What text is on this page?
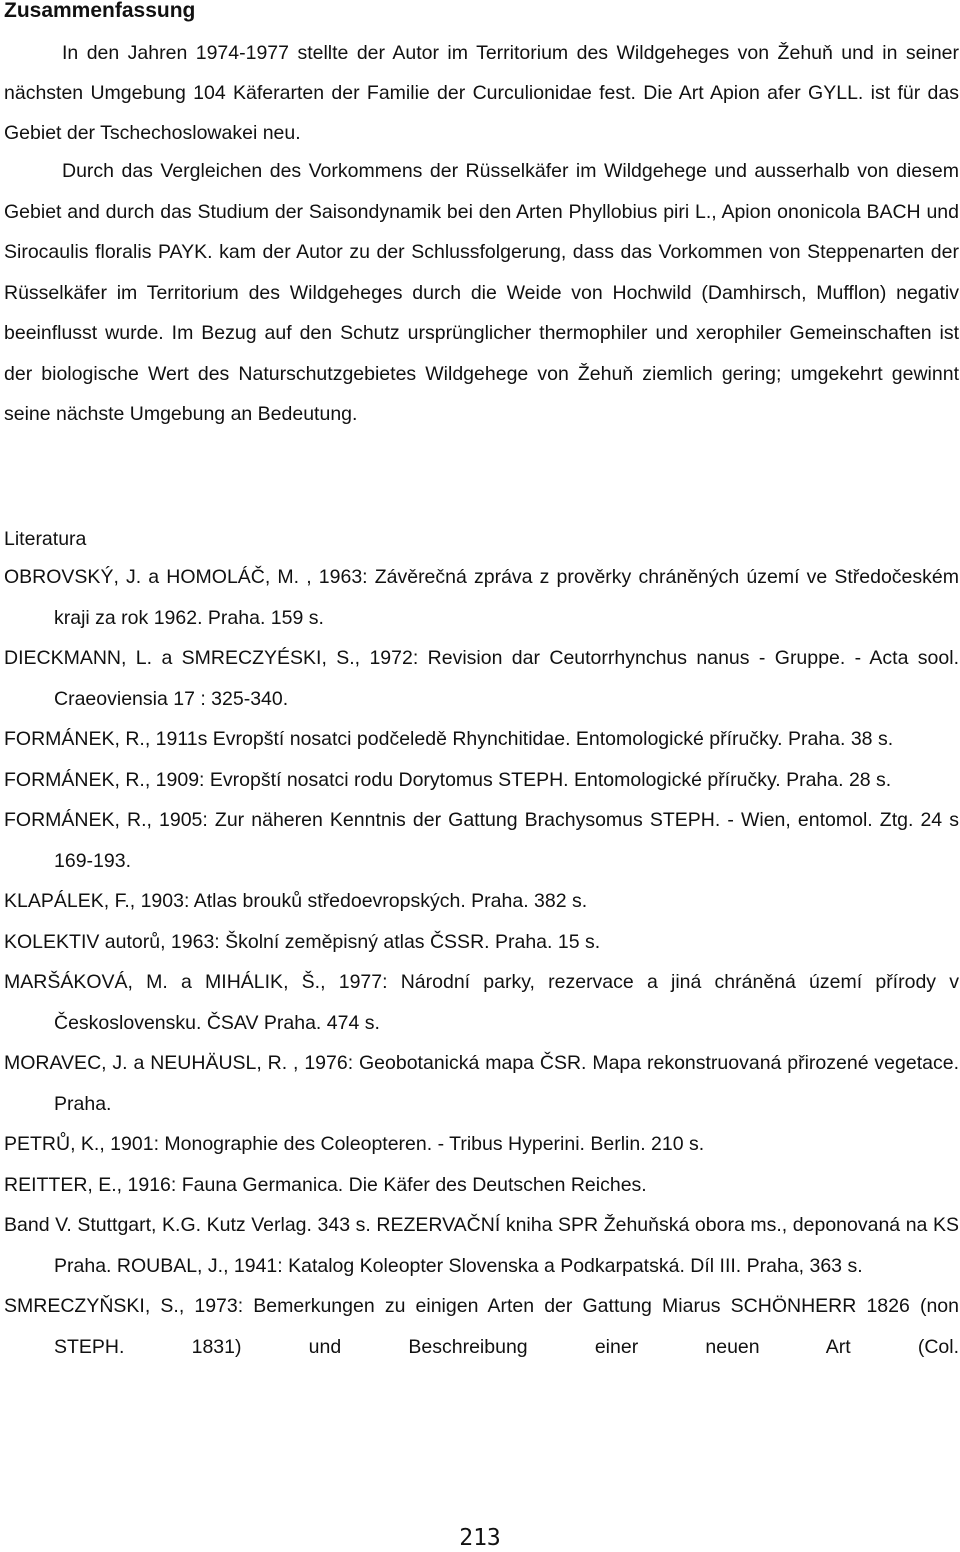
Zusammenfassung

In den Jahren 1974-1977 stellte der Autor im Territorium des Wildgeheges von Žehuň und in seiner nächsten Umgebung 104 Käferarten der Familie der Curculionidae fest. Die Art Apion afer GYLL. ist für das Gebiet der Tschechoslowakei neu.

Durch das Vergleichen des Vorkommens der Rüsselkäfer im Wildgehege und ausserhalb von diesem Gebiet and durch das Studium der Saisondynamik bei den Arten Phyllobius piri L., Apion ononicola BACH und Sirocaulis floralis PAYK. kam der Autor zu der Schlussfolgerung, dass das Vorkommen von Steppenarten der Rüsselkäfer im Territorium des Wildgeheges durch die Weide von Hochwild (Damhirsch, Mufflon) negativ beeinflusst wurde. Im Bezug auf den Schutz ursprünglicher thermophiler und xerophiler Gemeinschaften ist der biologische Wert des Naturschutzgebietes Wildgehege von Žehuň ziemlich gering; umgekehrt gewinnt seine nächste Umgebung an Bedeutung.

Literatura
OBROVSKÝ, J. a HOMOLÁČ, M. , 1963: Závěrečná zpráva z prověrky chráněných území ve Středočeském kraji za rok 1962. Praha. 159 s.
DIECKMANN, L. a SMRECZYÉSKI, S., 1972: Revision dar Ceutorrhynchus nanus - Gruppe. - Acta sool. Craeoviensia 17 : 325-340.
FORMÁNEK, R., 1911s Evropští nosatci podčeledě Rhynchitidae. Entomologické příručky. Praha. 38 s.
FORMÁNEK, R., 1909: Evropští nosatci rodu Dorytomus STEPH. Entomologické příručky. Praha. 28 s.
FORMÁNEK, R., 1905: Zur näheren Kenntnis der Gattung Brachysomus STEPH. - Wien, entomol. Ztg. 24 s 169-193.
KLAPÁLEK, F., 1903: Atlas brouků středoevropských. Praha. 382 s.
KOLEKTIV autorů, 1963: Školní zeměpisný atlas ČSSR. Praha. 15 s.
MARŠÁKOVÁ, M. a MIHÁLIK, Š., 1977: Národní parky, rezervace a jiná chráněná území přírody v Československu. ČSAV Praha. 474 s.
MORAVEC, J. a NEUHÄUSL, R. , 1976: Geobotanická mapa ČSR. Mapa rekonstruovaná přirozené vegetace. Praha.
PETRŮ, K., 1901: Monographie des Coleopteren. - Tribus Hyperini. Berlin. 210 s.
REITTER, E., 1916: Fauna Germanica. Die Käfer des Deutschen Reiches.
Band V. Stuttgart, K.G. Kutz Verlag. 343 s. REZERVAČNÍ kniha SPR Žehuňská obora ms., deponovaná na KS Praha. ROUBAL, J., 1941: Katalog Koleopter Slovenska a Podkarpatská. Díl III. Praha, 363 s.
SMRECZYŇSKI, S., 1973: Bemerkungen zu einigen Arten der Gattung Miarus SCHÖNHERR 1826 (non STEPH. 1831) und Beschreibung einer neuen Art (Col.
213
